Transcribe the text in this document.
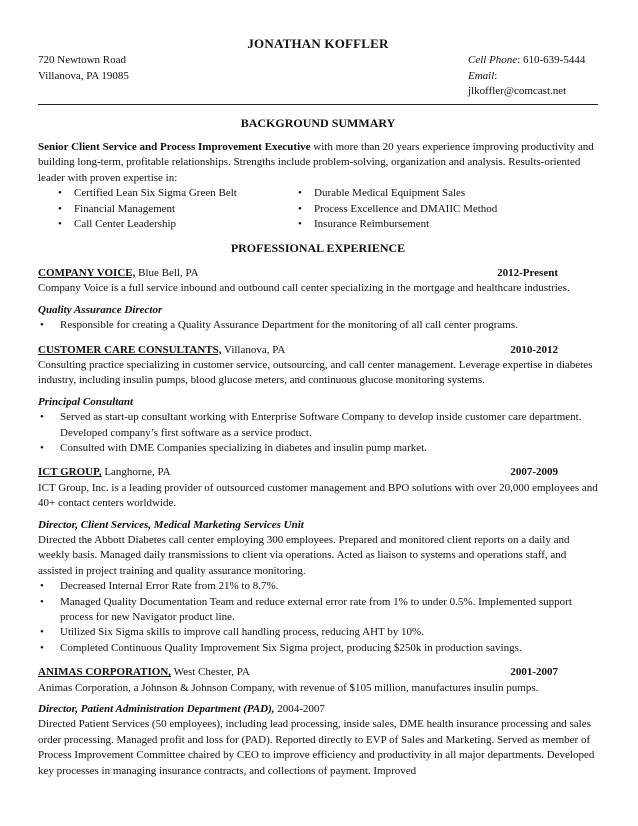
JONATHAN KOFFLER
720 Newtown Road
Villanova, PA 19085
Cell Phone: 610-639-5444
Email: jlkoffler@comcast.net
BACKGROUND SUMMARY
Senior Client Service and Process Improvement Executive with more than 20 years experience improving productivity and building long-term, profitable relationships. Strengths include problem-solving, organization and analysis. Results-oriented leader with proven expertise in:
• Certified Lean Six Sigma Green Belt	• Durable Medical Equipment Sales
• Financial Management	• Process Excellence and DMAIIC Method
• Call Center Leadership	• Insurance Reimbursement
PROFESSIONAL EXPERIENCE
COMPANY VOICE, Blue Bell, PA	2012-Present
Company Voice is a full service inbound and outbound call center specializing in the mortgage and healthcare industries.
Quality Assurance Director
• Responsible for creating a Quality Assurance Department for the monitoring of all call center programs.
CUSTOMER CARE CONSULTANTS, Villanova, PA	2010-2012
Consulting practice specializing in customer service, outsourcing, and call center management. Leverage expertise in diabetes industry, including insulin pumps, blood glucose meters, and continuous glucose monitoring systems.
Principal Consultant
• Served as start-up consultant working with Enterprise Software Company to develop inside customer care department. Developed company’s first software as a service product.
• Consulted with DME Companies specializing in diabetes and insulin pump market.
ICT GROUP, Langhorne, PA	2007-2009
ICT Group, Inc. is a leading provider of outsourced customer management and BPO solutions with over 20,000 employees and 40+ contact centers worldwide.
Director, Client Services, Medical Marketing Services Unit
Directed the Abbott Diabetes call center employing 300 employees. Prepared and monitored client reports on a daily and weekly basis. Managed daily transmissions to client via operations. Acted as liaison to systems and operations staff, and assisted in project training and quality assurance monitoring.
• Decreased Internal Error Rate from 21% to 8.7%.
• Managed Quality Documentation Team and reduce external error rate from 1% to under 0.5%. Implemented support process for new Navigator product line.
• Utilized Six Sigma skills to improve call handling process, reducing AHT by 10%.
• Completed Continuous Quality Improvement Six Sigma project, producing $250k in production savings.
ANIMAS CORPORATION, West Chester, PA	2001-2007
Animas Corporation, a Johnson & Johnson Company, with revenue of $105 million, manufactures insulin pumps.
Director, Patient Administration Department (PAD), 2004-2007
Directed Patient Services (50 employees), including lead processing, inside sales, DME health insurance processing and sales order processing. Managed profit and loss for (PAD). Reported directly to EVP of Sales and Marketing. Served as member of Process Improvement Committee chaired by CEO to improve efficiency and productivity in all major departments. Developed key processes in managing insurance contracts, and collections of payment. Improved
